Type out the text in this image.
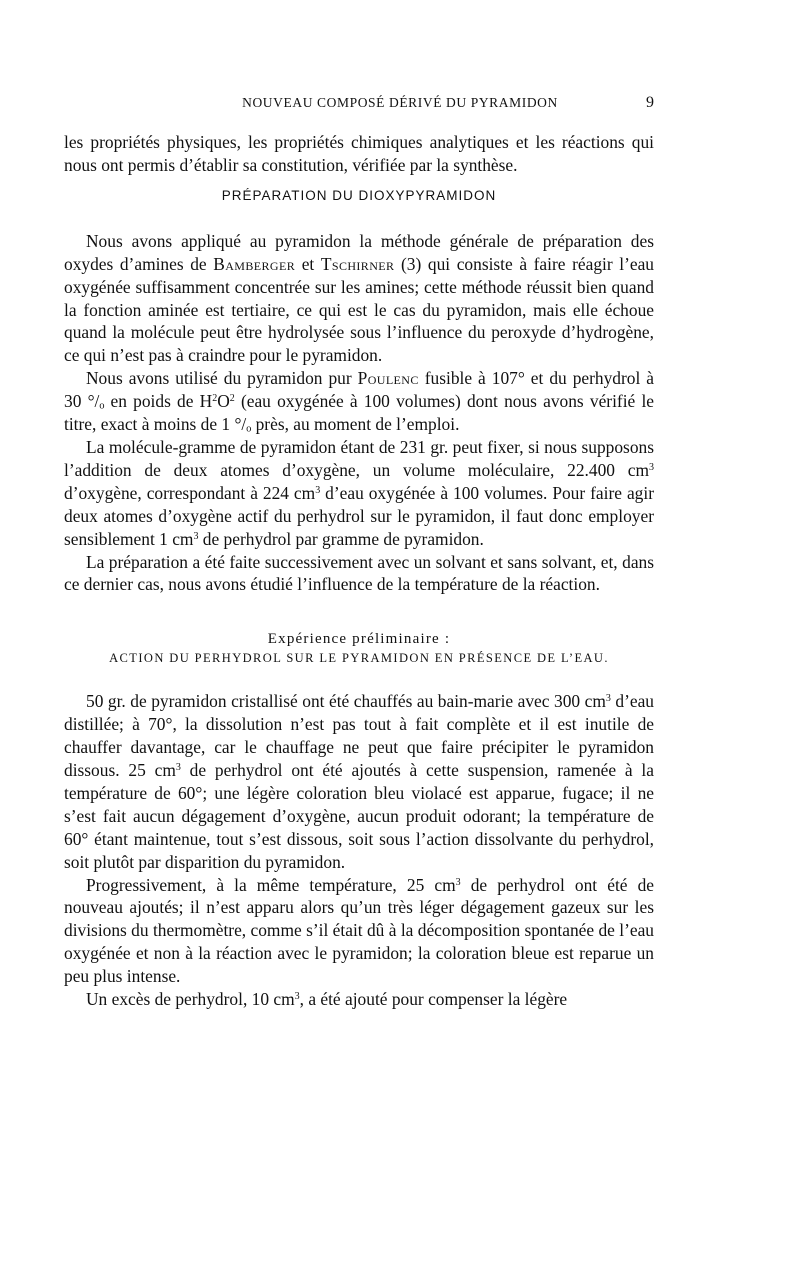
NOUVEAU COMPOSÉ DÉRIVÉ DU PYRAMIDON	9

les propriétés physiques, les propriétés chimiques analytiques et les réactions qui nous ont permis d’établir sa constitution, vérifiée par la synthèse.

PRÉPARATION DU DIOXYPYRAMIDON

Nous avons appliqué au pyramidon la méthode générale de préparation des oxydes d’amines de Bamberger et Tschirner (3) qui consiste à faire réagir l’eau oxygénée suffisamment concentrée sur les amines; cette méthode réussit bien quand la fonction aminée est tertiaire, ce qui est le cas du pyramidon, mais elle échoue quand la molécule peut être hydrolysée sous l’influence du peroxyde d’hydrogène, ce qui n’est pas à craindre pour le pyramidon.

Nous avons utilisé du pyramidon pur Poulenc fusible à 107° et du perhydrol à 30 °/ₒ en poids de $H^2O^2$ (eau oxygénée à 100 volumes) dont nous avons vérifié le titre, exact à moins de 1 °/ₒ près, au moment de l’emploi.

La molécule-gramme de pyramidon étant de 231 gr. peut fixer, si nous supposons l’addition de deux atomes d’oxygène, un volume moléculaire, 22.400 $cm^3$ d’oxygène, correspondant à 224 $cm^3$ d’eau oxygénée à 100 volumes. Pour faire agir deux atomes d’oxygène actif du perhydrol sur le pyramidon, il faut donc employer sensiblement 1 $cm^3$ de perhydrol par gramme de pyramidon.

La préparation a été faite successivement avec un solvant et sans solvant, et, dans ce dernier cas, nous avons étudié l’influence de la température de la réaction.

Expérience préliminaire :
ACTION DU PERHYDROL SUR LE PYRAMIDON EN PRÉSENCE DE L’EAU.

50 gr. de pyramidon cristallisé ont été chauffés au bain-marie avec 300 $cm^3$ d’eau distillée; à 70°, la dissolution n’est pas tout à fait complète et il est inutile de chauffer davantage, car le chauffage ne peut que faire précipiter le pyramidon dissous. 25 $cm^3$ de perhydrol ont été ajoutés à cette suspension, ramenée à la température de 60°; une légère coloration bleu violacé est apparue, fugace; il ne s’est fait aucun dégagement d’oxygène, aucun produit odorant; la température de 60° étant maintenue, tout s’est dissous, soit sous l’action dissolvante du perhydrol, soit plutôt par disparition du pyramidon.

Progressivement, à la même température, 25 $cm^3$ de perhydrol ont été de nouveau ajoutés; il n’est apparu alors qu’un très léger dégagement gazeux sur les divisions du thermomètre, comme s’il était dû à la décomposition spontanée de l’eau oxygénée et non à la réaction avec le pyramidon; la coloration bleue est reparue un peu plus intense.

Un excès de perhydrol, 10 $cm^3$, a été ajouté pour compenser la légère
